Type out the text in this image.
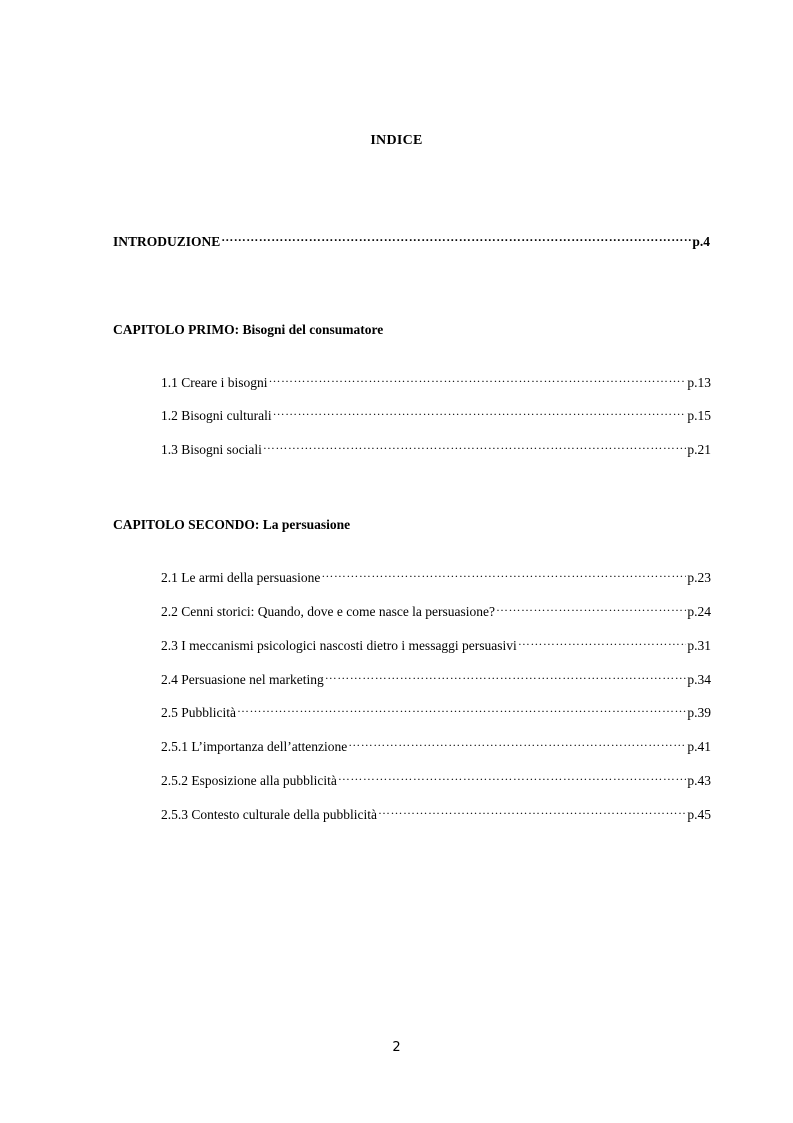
INDICE
INTRODUZIONE …………………………………………………………………………………………………………………………………………………………………………………………………	p.4
CAPITOLO PRIMO: Bisogni del consumatore
1.1 Creare i bisogni …………………………………………………………………………………………………………………………………………………………………………………………………	p.13
1.2 Bisogni culturali …………………………………………………………………………………………………………………………………………………………………………………………………	p.15
1.3 Bisogni sociali …………………………………………………………………………………………………………………………………………………………………………………………………	p.21
CAPITOLO SECONDO: La persuasione
2.1 Le armi della persuasione …………………………………………………………………………………………………………………………………………………………………………………………………	p.23
2.2 Cenni storici: Quando, dove e come nasce la persuasione? …………………………………………………………………………………………………………………………………………………………………………………………………	p.24
2.3 I meccanismi psicologici nascosti dietro i messaggi persuasivi …………………………………………………………………………………………………………………………………………………………………………………………………	p.31
2.4 Persuasione nel marketing …………………………………………………………………………………………………………………………………………………………………………………………………	p.34
2.5 Pubblicità …………………………………………………………………………………………………………………………………………………………………………………………………	p.39
2.5.1 L’importanza dell’attenzione …………………………………………………………………………………………………………………………………………………………………………………………………	p.41
2.5.2 Esposizione alla pubblicità …………………………………………………………………………………………………………………………………………………………………………………………………	p.43
2.5.3 Contesto culturale della pubblicità …………………………………………………………………………………………………………………………………………………………………………………………………	p.45
2
